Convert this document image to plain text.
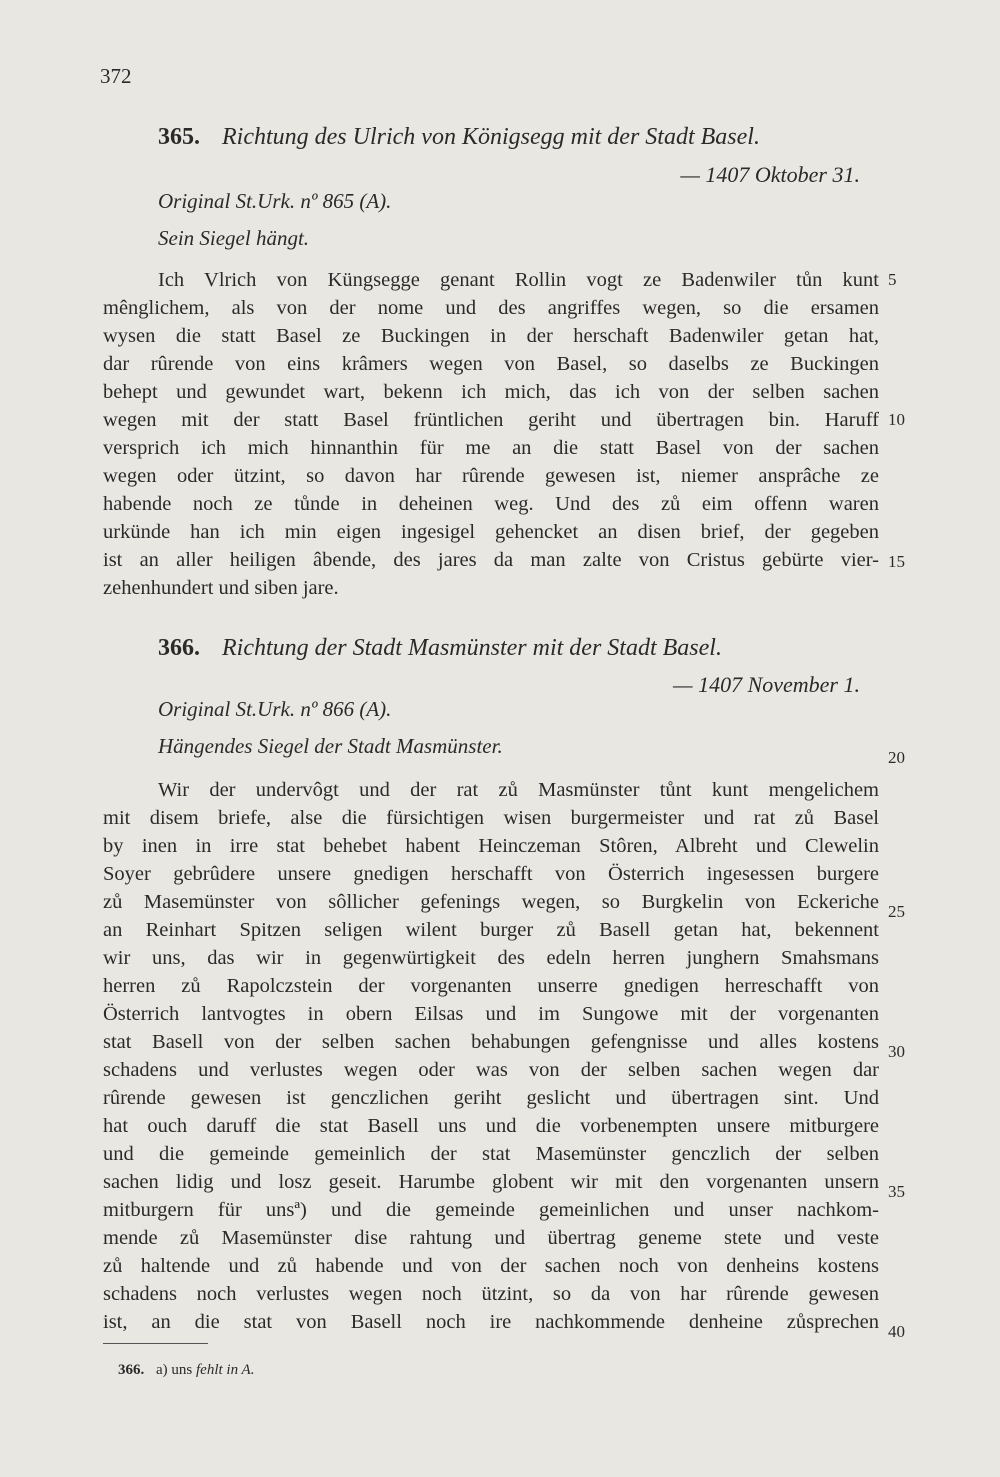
372
365. Richtung des Ulrich von Königsegg mit der Stadt Basel.
— 1407 Oktober 31.
Original St.Urk. nº 865 (A).
Sein Siegel hängt.
Ich Vlrich von Küngsegge genant Rollin vogt ze Badenwiler tůn kunt
mênglichem, als von der nome und des angriffes wegen, so die ersamen
wysen die statt Basel ze Buckingen in der herschaft Badenwiler getan hat,
dar rûrende von eins krâmers wegen von Basel, so daselbs ze Buckingen
behept und gewundet wart, bekenn ich mich, das ich von der selben sachen
wegen mit der statt Basel früntlichen geriht und übertragen bin. Haruff
versprich ich mich hinnanthin für me an die statt Basel von der sachen
wegen oder ützint, so davon har rûrende gewesen ist, niemer ansprâche ze
habende noch ze tůnde in deheinen weg. Und des zů eim offenn waren
urkünde han ich min eigen ingesigel gehencket an disen brief, der gegeben
ist an aller heiligen âbende, des jares da man zalte von Cristus gebürte vier-
zehenhundert und siben jare.
366. Richtung der Stadt Masmünster mit der Stadt Basel.
— 1407 November 1.
Original St.Urk. nº 866 (A).
Hängendes Siegel der Stadt Masmünster.
Wir der undervôgt und der rat zů Masmünster tůnt kunt mengelichem
mit disem briefe, alse die fürsichtigen wisen burgermeister und rat zů Basel
by inen in irre stat behebet habent Heinczeman Stôren, Albreht und Clewelin
Soyer gebrûdere unsere gnedigen herschafft von Österrich ingesessen burgere
zů Masemünster von sôllicher gefenings wegen, so Burgkelin von Eckeriche
an Reinhart Spitzen seligen wilent burger zů Basell getan hat, bekennent
wir uns, das wir in gegenwürtigkeit des edeln herren junghern Smahsmans
herren zů Rapolczstein der vorgenanten unserre gnedigen herreschafft von
Österrich lantvogtes in obern Eilsas und im Sungowe mit der vorgenanten
stat Basell von der selben sachen behabungen gefengnisse und alles kostens
schadens und verlustes wegen oder was von der selben sachen wegen dar
rûrende gewesen ist genczlichen geriht geslicht und übertragen sint. Und
hat ouch daruff die stat Basell uns und die vorbenempten unsere mitburgere
und die gemeinde gemeinlich der stat Masemünster genczlich der selben
sachen lidig und losz geseit. Harumbe globent wir mit den vorgenanten unsern
mitburgern für unsª) und die gemeinde gemeinlichen und unser nachkom-
mende zů Masemünster dise rahtung und übertrag geneme stete und veste
zů haltende und zů habende und von der sachen noch von denheins kostens
schadens noch verlustes wegen noch ützint, so da von har rûrende gewesen
ist, an die stat von Basell noch ire nachkommende denheine zůsprechen
5
10
15
20
25
30
35
40
366. a) uns fehlt in A.
